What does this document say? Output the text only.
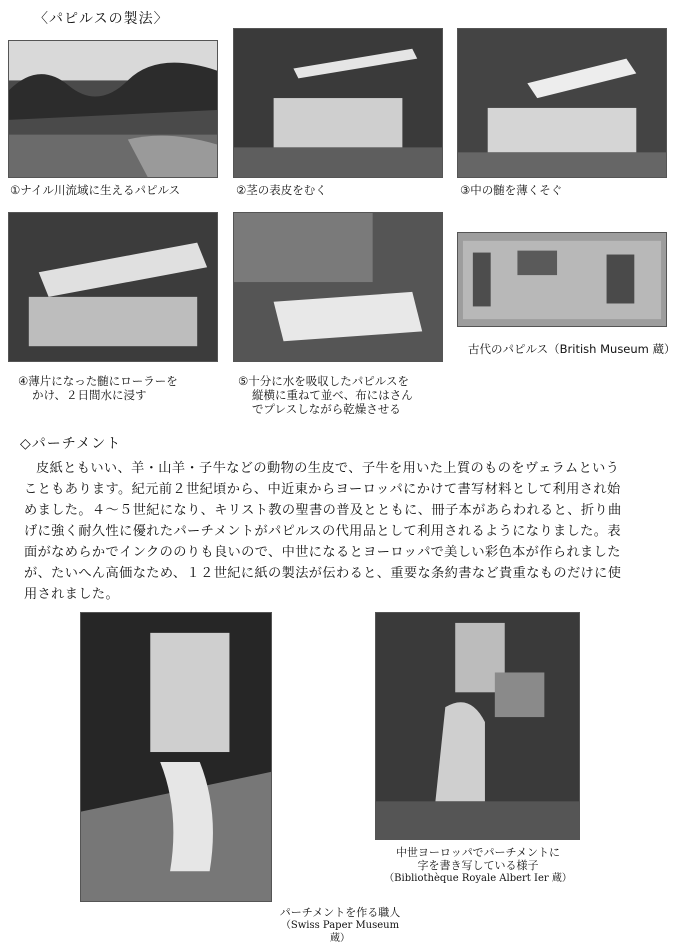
〈パピルスの製法〉
①ナイル川流域に生えるパピルス	②茎の表皮をむく	③中の髄を薄くそぐ
④薄片になった髄にローラーを
かけ、２日間水に浸す
⑤十分に水を吸収したパピルスを
縦横に重ねて並べ、布にはさん
でプレスしながら乾燥させる
古代のパピルス（British Museum 蔵）
◇パーチメント
皮紙ともいい、羊・山羊・子牛などの動物の生皮で、子牛を用いた上質のものをヴェラムという
こともあります。紀元前２世紀頃から、中近東からヨーロッパにかけて書写材料として利用され始
めました。４～５世紀になり、キリスト教の聖書の普及とともに、冊子本があらわれると、折り曲
げに強く耐久性に優れたパーチメントがパピルスの代用品として利用されるようになりました。表
面がなめらかでインクののりも良いので、中世になるとヨーロッパで美しい彩色本が作られました
が、たいへん高価なため、１２世紀に紙の製法が伝わると、重要な条約書など貴重なものだけに使
用されました。
中世ヨーロッパでパーチメントに
字を書き写している様子
（Bibliothèque Royale Albert Ier 蔵）
パーチメントを作る職人
（Swiss Paper Museum 蔵）
